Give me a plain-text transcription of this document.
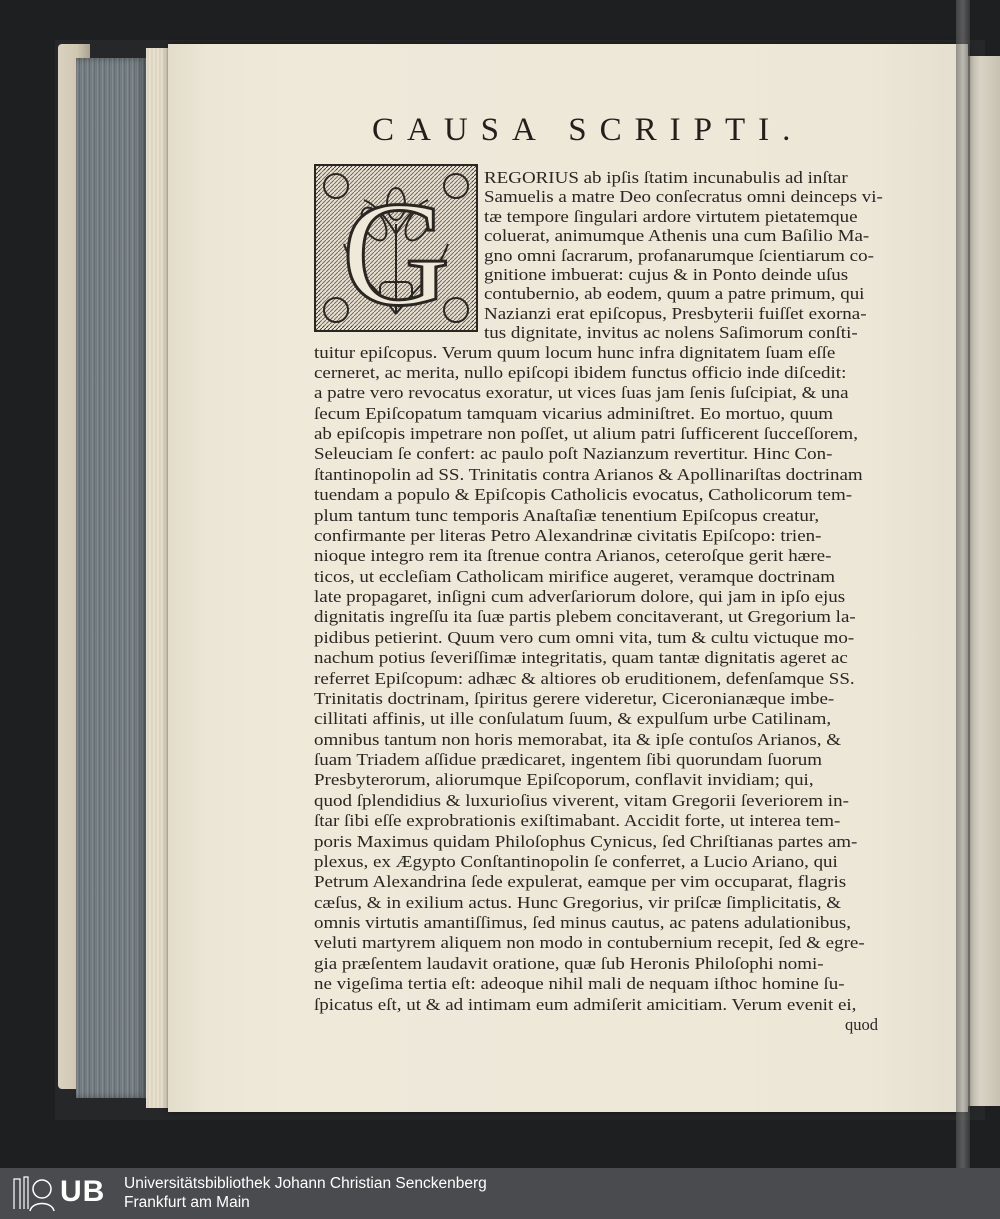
CAUSA SCRIPTI.
G REGORIUS ab ipſis ſtatim incunabulis ad inſtar
Samuelis a matre Deo conſecratus omni deinceps vi-
tæ tempore ſingulari ardore virtutem pietatemque
coluerat, animumque Athenis una cum Baſilio Ma-
gno omni ſacrarum, profanarumque ſcientiarum co-
gnitione imbuerat: cujus & in Ponto deinde uſus
contubernio, ab eodem, quum a patre primum, qui
Nazianzi erat epiſcopus, Presbyterii fuiſſet exorna-
tus dignitate, invitus ac nolens Saſimorum conſti-
tuitur epiſcopus. Verum quum locum hunc infra dignitatem ſuam eſſe
cerneret, ac merita, nullo epiſcopi ibidem functus officio inde diſcedit:
a patre vero revocatus exoratur, ut vices ſuas jam ſenis ſuſcipiat, & una
ſecum Epiſcopatum tamquam vicarius adminiſtret. Eo mortuo, quum
ab epiſcopis impetrare non poſſet, ut alium patri ſufficerent ſucceſſorem,
Seleuciam ſe confert: ac paulo poſt Nazianzum revertitur. Hinc Con-
ſtantinopolin ad SS. Trinitatis contra Arianos & Apollinariſtas doctrinam
tuendam a populo & Epiſcopis Catholicis evocatus, Catholicorum tem-
plum tantum tunc temporis Anaſtaſiæ tenentium Epiſcopus creatur,
confirmante per literas Petro Alexandrinæ civitatis Epiſcopo: trien-
nioque integro rem ita ſtrenue contra Arianos, ceteroſque gerit hære-
ticos, ut eccleſiam Catholicam mirifice augeret, veramque doctrinam
late propagaret, inſigni cum adverſariorum dolore, qui jam in ipſo ejus
dignitatis ingreſſu ita ſuæ partis plebem concitaverant, ut Gregorium la-
pidibus petierint. Quum vero cum omni vita, tum & cultu victuque mo-
nachum potius ſeveriſſimæ integritatis, quam tantæ dignitatis ageret ac
referret Epiſcopum: adhæc & altiores ob eruditionem, defenſamque SS.
Trinitatis doctrinam, ſpiritus gerere videretur, Ciceronianæque imbe-
cillitati affinis, ut ille conſulatum ſuum, & expulſum urbe Catilinam,
omnibus tantum non horis memorabat, ita & ipſe contuſos Arianos, &
ſuam Triadem aſſidue prædicaret, ingentem ſibi quorundam ſuorum
Presbyterorum, aliorumque Epiſcoporum, conflavit invidiam; qui,
quod ſplendidius & luxurioſius viverent, vitam Gregorii ſeveriorem in-
ſtar ſibi eſſe exprobrationis exiſtimabant. Accidit forte, ut interea tem-
poris Maximus quidam Philoſophus Cynicus, ſed Chriſtianas partes am-
plexus, ex Ægypto Conſtantinopolin ſe conferret, a Lucio Ariano, qui
Petrum Alexandrina ſede expulerat, eamque per vim occuparat, flagris
cæſus, & in exilium actus. Hunc Gregorius, vir priſcæ ſimplicitatis, &
omnis virtutis amantiſſimus, ſed minus cautus, ac patens adulationibus,
veluti martyrem aliquem non modo in contubernium recepit, ſed & egre-
gia præſentem laudavit oratione, quæ ſub Heronis Philoſophi nomi-
ne vigeſima tertia eſt: adeoque nihil mali de nequam iſthoc homine ſu-
ſpicatus eſt, ut & ad intimam eum admiſerit amicitiam. Verum evenit ei,
quod
UB Universitätsbibliothek Johann Christian Senckenberg
Frankfurt am Main
